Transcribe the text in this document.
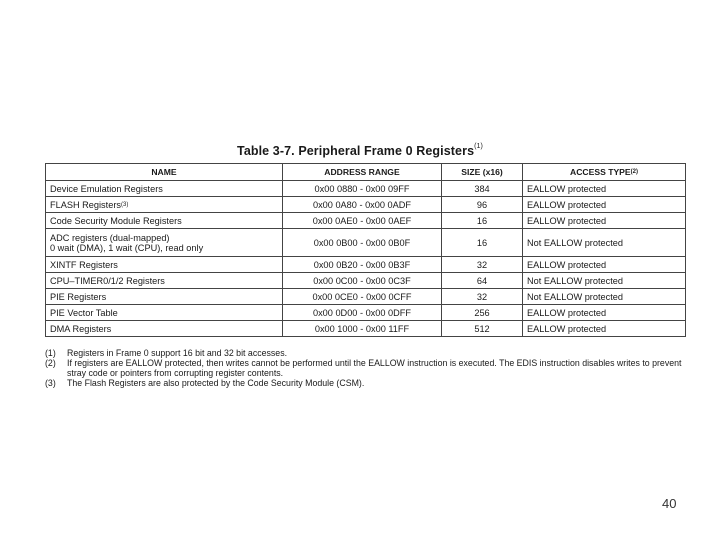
Table 3-7. Peripheral Frame 0 Registers$^{(1)}$
NAME	ADDRESS RANGE	SIZE (x16)	ACCESS TYPE$^{(2)}$
Device Emulation Registers	0x00 0880 - 0x00 09FF	384	EALLOW protected
FLASH Registers$^{(3)}$	0x00 0A80 - 0x00 0ADF	96	EALLOW protected
Code Security Module Registers	0x00 0AE0 - 0x00 0AEF	16	EALLOW protected

ADC registers (dual-mapped)
0 wait (DMA), 1 wait (CPU), read only	0x00 0B00 - 0x00 0B0F	16	Not EALLOW protected
XINTF Registers	0x00 0B20 - 0x00 0B3F	32	EALLOW protected
CPU–TIMER0/1/2 Registers	0x00 0C00 - 0x00 0C3F	64	Not EALLOW protected
PIE Registers	0x00 0CE0 - 0x00 0CFF	32	Not EALLOW protected
PIE Vector Table	0x00 0D00 - 0x00 0DFF	256	EALLOW protected
DMA Registers	0x00 1000 - 0x00 11FF	512	EALLOW protected
(1)	Registers in Frame 0 support 16 bit and 32 bit accesses.
(2)	If registers are EALLOW protected, then writes cannot be performed until the EALLOW instruction is executed. The EDIS instruction disables writes to prevent stray code or pointers from corrupting register contents.
(3)	The Flash Registers are also protected by the Code Security Module (CSM).
40
